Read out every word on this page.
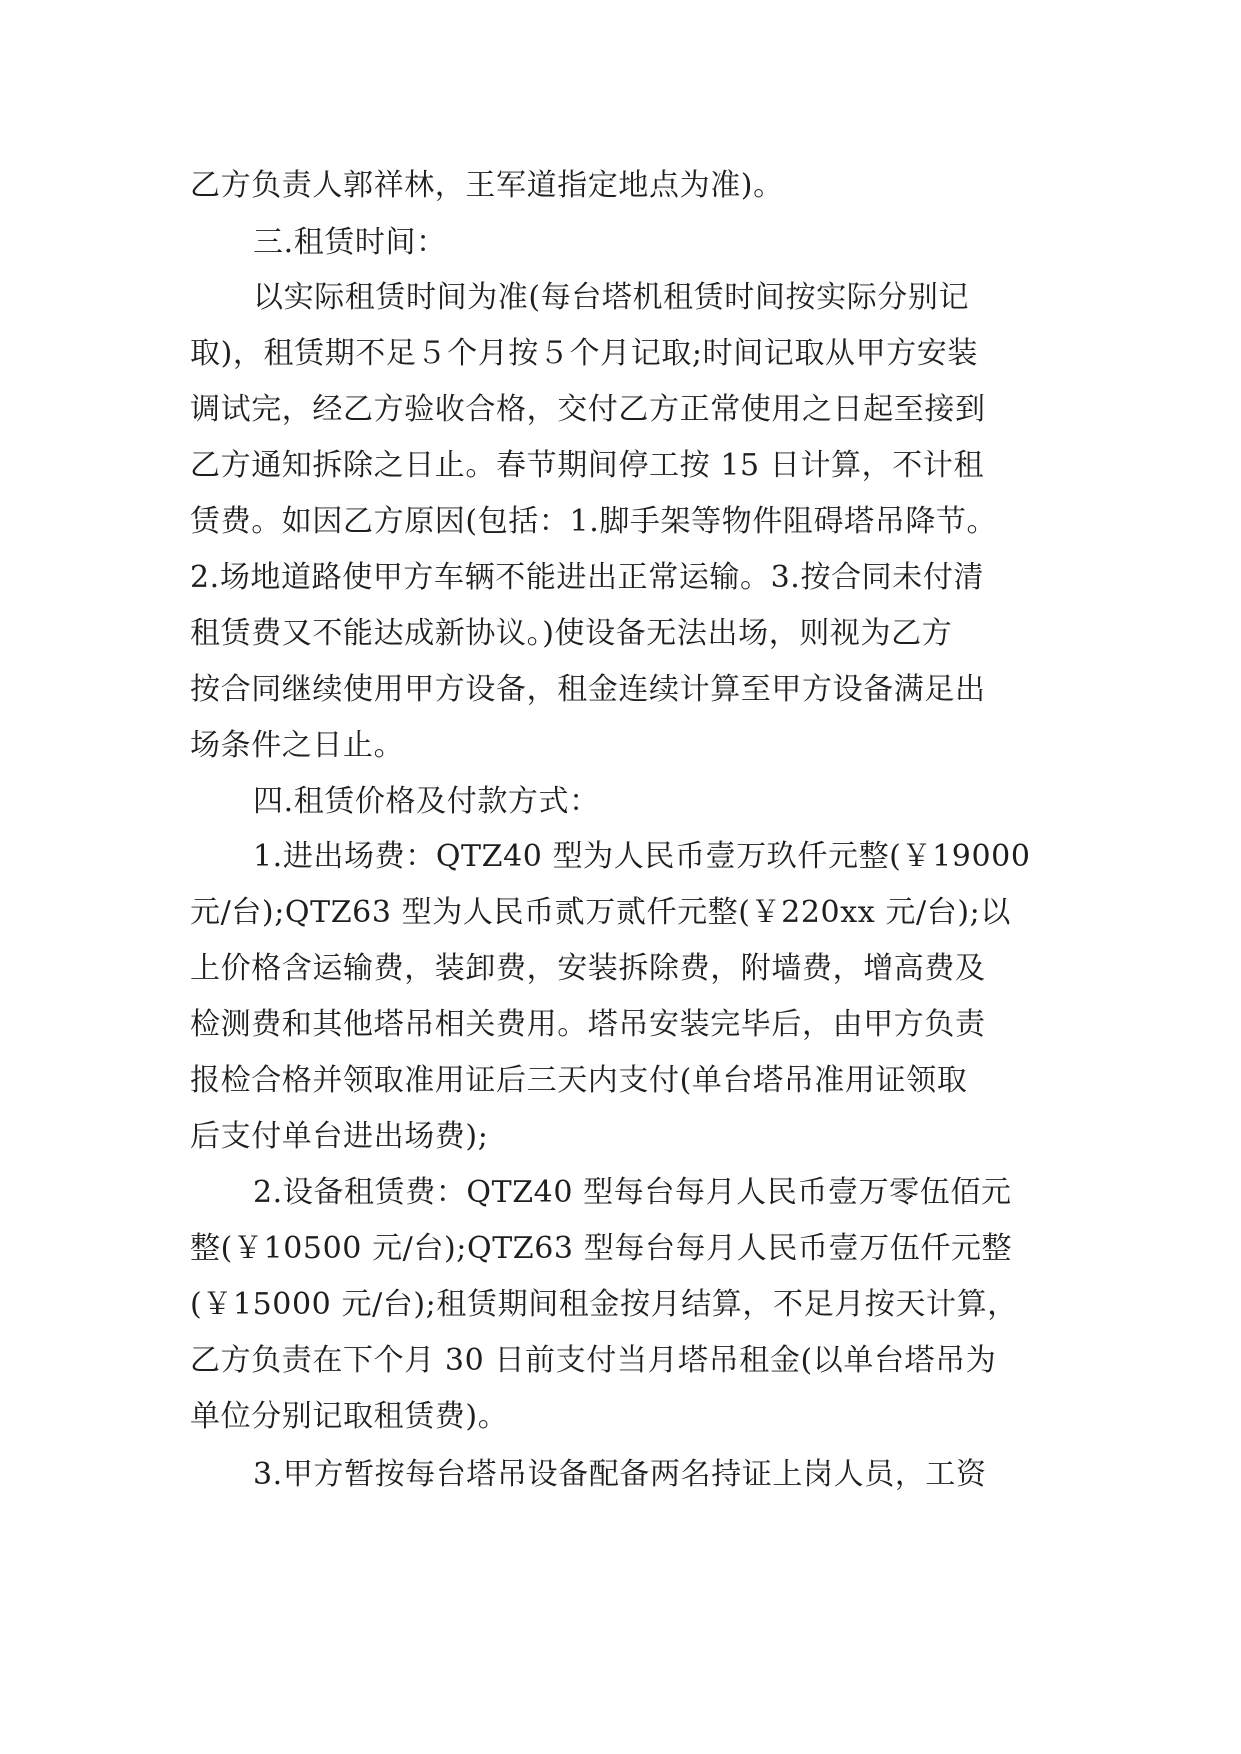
乙方负责人郭祥林，王军道指定地点为准)。
三.租赁时间：
以实际租赁时间为准(每台塔机租赁时间按实际分别记
取)，租赁期不足５个月按５个月记取;时间记取从甲方安装
调试完，经乙方验收合格，交付乙方正常使用之日起至接到
乙方通知拆除之日止。春节期间停工按 15 日计算，不计租
赁费。如因乙方原因(包括：1.脚手架等物件阻碍塔吊降节。
2.场地道路使甲方车辆不能进出正常运输。3.按合同未付清
租赁费又不能达成新协议。)使设备无法出场，则视为乙方
按合同继续使用甲方设备，租金连续计算至甲方设备满足出
场条件之日止。
四.租赁价格及付款方式：
1.进出场费：QTZ40 型为人民币壹万玖仟元整(￥19000
元/台);QTZ63 型为人民币贰万贰仟元整(￥220xx 元/台);以
上价格含运输费，装卸费，安装拆除费，附墙费，增高费及
检测费和其他塔吊相关费用。塔吊安装完毕后，由甲方负责
报检合格并领取准用证后三天内支付(单台塔吊准用证领取
后支付单台进出场费);
2.设备租赁费：QTZ40 型每台每月人民币壹万零伍佰元
整(￥10500 元/台);QTZ63 型每台每月人民币壹万伍仟元整
(￥15000 元/台);租赁期间租金按月结算，不足月按天计算，
乙方负责在下个月 30 日前支付当月塔吊租金(以单台塔吊为
单位分别记取租赁费)。
3.甲方暂按每台塔吊设备配备两名持证上岗人员，工资
